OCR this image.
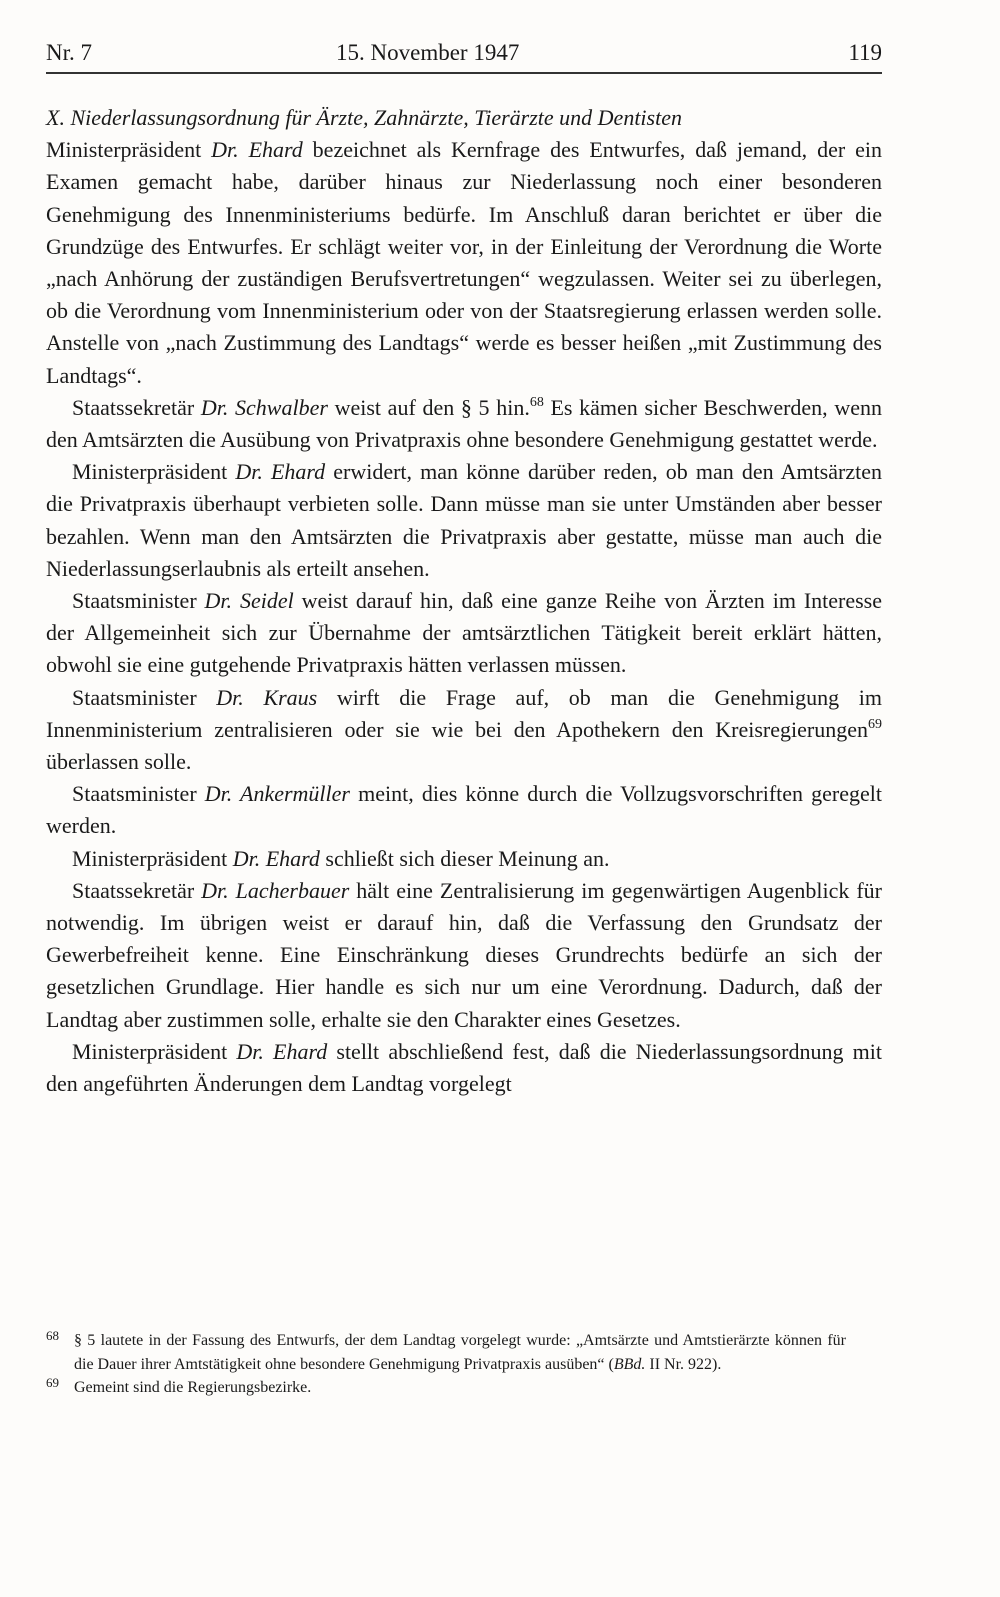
Nr. 7	15. November 1947	119

X. Niederlassungsordnung für Ärzte, Zahnärzte, Tierärzte und Dentisten

Ministerpräsident Dr. Ehard bezeichnet als Kernfrage des Entwurfes, daß jemand, der ein Examen gemacht habe, darüber hinaus zur Niederlassung noch einer besonderen Genehmigung des Innenministeriums bedürfe. Im Anschluß daran berichtet er über die Grundzüge des Entwurfes. Er schlägt weiter vor, in der Einleitung der Verordnung die Worte „nach Anhörung der zuständigen Berufsvertretungen“ wegzulassen. Weiter sei zu überlegen, ob die Verordnung vom Innenministerium oder von der Staatsregierung erlassen werden solle. Anstelle von „nach Zustimmung des Landtags“ werde es besser heißen „mit Zustimmung des Landtags“.

Staatssekretär Dr. Schwalber weist auf den § 5 hin.$^{68}$ Es kämen sicher Beschwerden, wenn den Amtsärzten die Ausübung von Privatpraxis ohne besondere Genehmigung gestattet werde.

Ministerpräsident Dr. Ehard erwidert, man könne darüber reden, ob man den Amtsärzten die Privatpraxis überhaupt verbieten solle. Dann müsse man sie unter Umständen aber besser bezahlen. Wenn man den Amtsärzten die Privatpraxis aber gestatte, müsse man auch die Niederlassungserlaubnis als erteilt ansehen.

Staatsminister Dr. Seidel weist darauf hin, daß eine ganze Reihe von Ärzten im Interesse der Allgemeinheit sich zur Übernahme der amtsärztlichen Tätigkeit bereit erklärt hätten, obwohl sie eine gutgehende Privatpraxis hätten verlassen müssen.

Staatsminister Dr. Kraus wirft die Frage auf, ob man die Genehmigung im Innenministerium zentralisieren oder sie wie bei den Apothekern den Kreisregierungen$^{69}$ überlassen solle.

Staatsminister Dr. Ankermüller meint, dies könne durch die Vollzugsvorschriften geregelt werden.

Ministerpräsident Dr. Ehard schließt sich dieser Meinung an.

Staatssekretär Dr. Lacherbauer hält eine Zentralisierung im gegenwärtigen Augenblick für notwendig. Im übrigen weist er darauf hin, daß die Verfassung den Grundsatz der Gewerbefreiheit kenne. Eine Einschränkung dieses Grundrechts bedürfe an sich der gesetzlichen Grundlage. Hier handle es sich nur um eine Verordnung. Dadurch, daß der Landtag aber zustimmen solle, erhalte sie den Charakter eines Gesetzes.

Ministerpräsident Dr. Ehard stellt abschließend fest, daß die Niederlassungsordnung mit den angeführten Änderungen dem Landtag vorgelegt

68 § 5 lautete in der Fassung des Entwurfs, der dem Landtag vorgelegt wurde: „Amtsärzte und Amtstierärzte können für die Dauer ihrer Amtstätigkeit ohne besondere Genehmigung Privatpraxis ausüben“ (BBd. II Nr. 922).
69 Gemeint sind die Regierungsbezirke.
